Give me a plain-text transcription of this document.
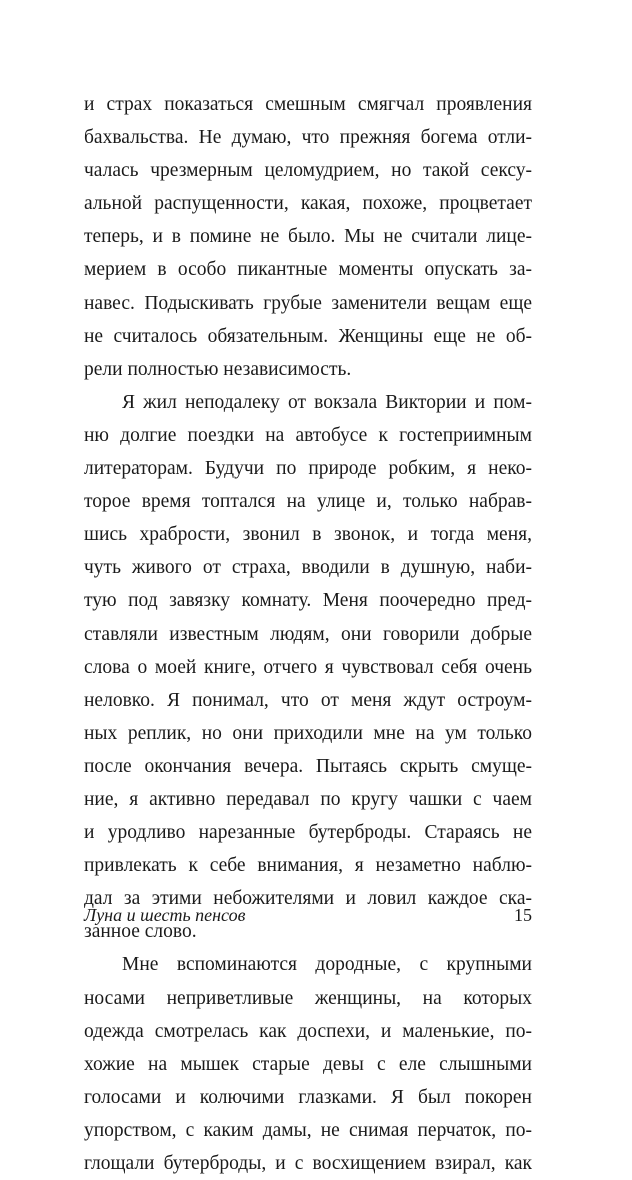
и страх показаться смешным смягчал проявления
бахвальства. Не думаю, что прежняя богема отли-
чалась чрезмерным целомудрием, но такой сексу-
альной распущенности, какая, похоже, процветает
теперь, и в помине не было. Мы не считали лице-
мерием в особо пикантные моменты опускать за-
навес. Подыскивать грубые заменители вещам еще
не считалось обязательным. Женщины еще не об-
рели полностью независимость.
Я жил неподалеку от вокзала Виктории и пом-
ню долгие поездки на автобусе к гостеприимным
литераторам. Будучи по природе робким, я неко-
торое время топтался на улице и, только набрав-
шись храбрости, звонил в звонок, и тогда меня,
чуть живого от страха, вводили в душную, наби-
тую под завязку комнату. Меня поочередно пред-
ставляли известным людям, они говорили добрые
слова о моей книге, отчего я чувствовал себя очень
неловко. Я понимал, что от меня ждут остроум-
ных реплик, но они приходили мне на ум только
после окончания вечера. Пытаясь скрыть смуще-
ние, я активно передавал по кругу чашки с чаем
и уродливо нарезанные бутерброды. Стараясь не
привлекать к себе внимания, я незаметно наблю-
дал за этими небожителями и ловил каждое ска-
занное слово.
Мне вспоминаются дородные, с крупными
носами неприветливые женщины, на которых
одежда смотрелась как доспехи, и маленькие, по-
хожие на мышек старые девы с еле слышными
голосами и колючими глазками. Я был покорен
упорством, с каким дамы, не снимая перчаток, по-
глощали бутерброды, и с восхищением взирал, как
Луна и шесть пенсов	15
